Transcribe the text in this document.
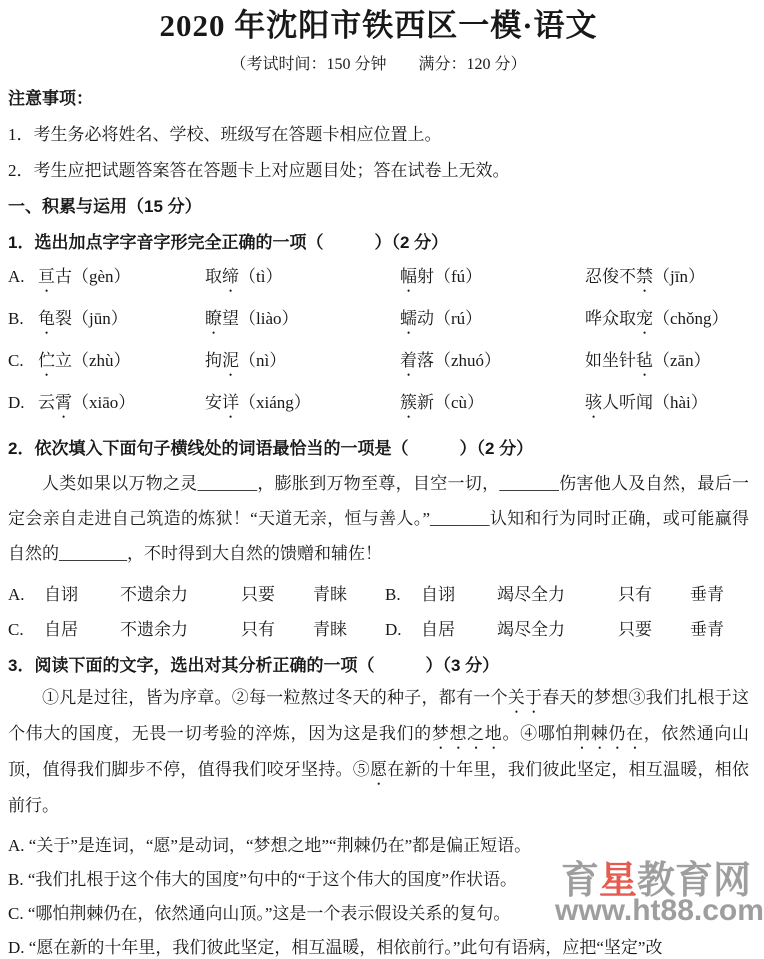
2020 年沈阳市铁西区一模·语文
（考试时间：150 分钟　　满分：120 分）
注意事项：

1．考生务必将姓名、学校、班级写在答题卡相应位置上。

2．考生应把试题答案答在答题卡上对应题目处；答在试卷上无效。

一、积累与运用（15 分）
1．选出加点字字音字形完全正确的一项（　　　）（2 分）
A. 亘古（gèn）	取缔（tì）	幅射（fú）	忍俊不禁（jīn）
B. 龟裂（jūn）	瞭望（liào）	蠕动（rú）	哗众取宠（chǒng）
C. 伫立（zhù）	拘泥（nì）	着落（zhuó）	如坐针毡（zān）
D. 云霄（xiāo）	安详（xiáng）	簇新（cù）	骇人听闻（hài）
2．依次填入下面句子横线处的词语最恰当的一项是（　　　）（2 分）

人类如果以万物之灵_______，膨胀到万物至尊，目空一切，_______伤害他人及自然，最后一定会亲自走进自己筑造的炼狱！“天道无亲，恒与善人。”_______认知和行为同时正确，或可能赢得自然的________，不时得到大自然的馈赠和辅佐！

A.	自诩	不遗余力	只要	青睐	B.	自诩	竭尽全力	只有	垂青
C.	自居	不遗余力	只有	青睐	D.	自居	竭尽全力	只要	垂青
3．阅读下面的文字，选出对其分析正确的一项（　　　）（3 分）

①凡是过往，皆为序章。②每一粒熬过冬天的种子，都有一个关于春天的梦想③我们扎根于这个伟大的国度，无畏一切考验的淬炼，因为这是我们的梦想之地。④哪怕荆棘仍在，依然通向山顶，值得我们脚步不停，值得我们咬牙坚持。⑤愿在新的十年里，我们彼此坚定，相互温暖，相依前行。

A. “关于”是连词，“愿”是动词，“梦想之地”“荆棘仍在”都是偏正短语。

B. “我们扎根于这个伟大的国度”句中的“于这个伟大的国度”作状语。

C. “哪怕荆棘仍在，依然通向山顶。”这是一个表示假设关系的复句。

D. “愿在新的十年里，我们彼此坚定，相互温暖，相依前行。”此句有语病，应把“坚定”改

育星教育网
www.ht88.com
